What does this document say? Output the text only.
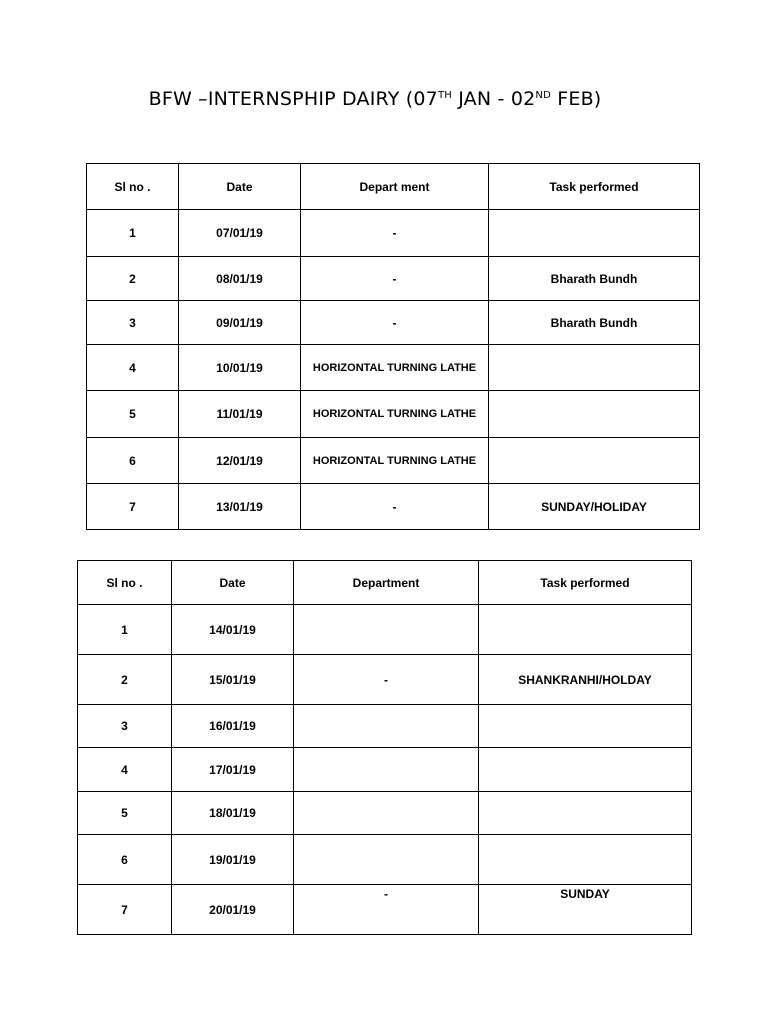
BFW –INTERNSPHIP DAIRY (07TH JAN - 02ND FEB)
Sl no .	Date	Depart ment	Task performed
1	07/01/19	-	
2	08/01/19	-	Bharath Bundh
3	09/01/19	-	Bharath Bundh
4	10/01/19	HORIZONTAL TURNING LATHE	
5	11/01/19	HORIZONTAL TURNING LATHE	
6	12/01/19	HORIZONTAL TURNING LATHE	
7	13/01/19	-	SUNDAY/HOLIDAY
Sl no .	Date	Department	Task performed
1	14/01/19		
2	15/01/19	-	SHANKRANHI/HOLDAY
3	16/01/19		
4	17/01/19		
5	18/01/19		
6	19/01/19		
7	20/01/19	-	SUNDAY
